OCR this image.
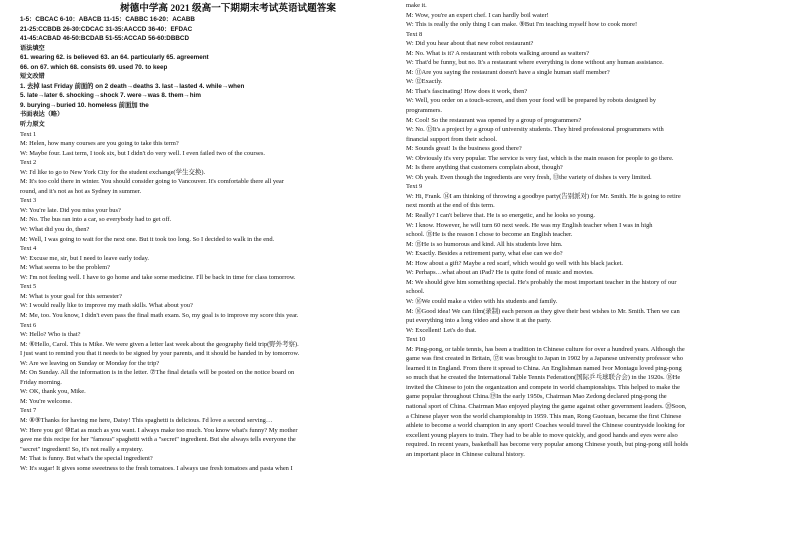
树德中学高 2021 级高一下期期末考试英语试题答案
1-5：CBCAC 6-10：ABACB 11-15：CABBC 16-20：ACABB
21-25:CCBDB 26-30:CDCAC 31-35:AACCD 36-40：EFDAC
41-45:ACBAD 46-50:BCDAB 51-55:ACCAD 56-60:DBBCD
语法填空
61. wearing 62. is believed 63. an 64. particularly 65. agreement
66. on 67. which 68. consists 69. used 70. to keep
短文改错
1. 去掉 last Friday 前面的 on 2 death→deaths 3. last→lasted 4. while→when
5. late→later 6. shocking→shock 7. were→was 8. them→him
9. burying→buried 10. homeless 前面加 the
书面表达（略）
听力原文
Text 1
M: Helen, how many courses are you going to take this term?
W: Maybe four. Last term, I took six, but I didn't do very well. I even failed two of the courses.
Text 2
W: I'd like to go to New York City for the student exchange(学生交换).
M: It's too cold there in winter. You should consider going to Vancouver. It's comfortable there all year
round, and it's not as hot as Sydney in summer.
Text 3
W: You're late. Did you miss your bus?
M: No. The bus ran into a car, so everybody had to get off.
W: What did you do, then?
M: Well, I was going to wait for the next one. But it took too long. So I decided to walk in the end.
Text 4
W: Excuse me, sir, but I need to leave early today.
M: What seems to be the problem?
W: I'm not feeling well. I have to go home and take some medicine. I'll be back in time for class tomorrow.
Text 5
M: What is your goal for this semester?
W: I would really like to improve my math skills. What about you?
M: Me, too. You know, I didn't even pass the final math exam. So, my goal is to improve my score this year.
Text 6
W: Hello? Who is that?
M: ⑥Hello, Carol. This is Mike. We were given a letter last week about the geography field trip(野外考察).
I just want to remind you that it needs to be signed by your parents, and it should be handed in by tomorrow.
W: Are we leaving on Sunday or Monday for the trip?
M: On Sunday. All the information is in the letter. ⑦The final details will be posted on the notice board on
Friday morning.
W: OK, thank you, Mike.
M: You're welcome.
Text 7
M: ⑧⑨Thanks for having me here, Daisy! This spaghetti is delicious. I'd love a second serving…
W: Here you go! ⑩Eat as much as you want. I always make too much. You know what's funny? My mother
gave me this recipe for her "famous" spaghetti with a "secret" ingredient. But she always tells everyone the
"secret" ingredient! So, it's not really a mystery.
M: That is funny. But what's the special ingredient?
W: It's sugar! It gives some sweetness to the fresh tomatoes. I always use fresh tomatoes and pasta when I
make it.
M: Wow, you're an expert chef. I can hardly boil water!
W: This is really the only thing I can make. ⑨But I'm teaching myself how to cook more!
Text 8
W: Did you hear about that new robot restaurant?
M: No. What is it? A restaurant with robots walking around as waiters?
W: That'd be funny, but no. It's a restaurant where everything is done without any human assistance.
M: ⑪Are you saying the restaurant doesn't have a single human staff member?
W: ⑫Exactly.
M: That's fascinating! How does it work, then?
W: Well, you order on a touch-screen, and then your food will be prepared by robots designed by
programmers.
M: Cool! So the restaurant was opened by a group of programmers?
W: No. ⑬It's a project by a group of university students. They hired professional programmers with
financial support from their school.
M: Sounds great! Is the business good there?
W: Obviously it's very popular. The service is very fast, which is the main reason for people to go there.
M: Is there anything that customers complain about, though?
W: Oh yeah. Even though the ingredients are very fresh, ⑬the variety of dishes is very limited.
Text 9
W: Hi, Frank. ⑭I am thinking of throwing a goodbye party(告别派对) for Mr. Smith. He is going to retire
next month at the end of this term.
M: Really? I can't believe that. He is so energetic, and he looks so young.
W: I know. However, he will turn 60 next week. He was my English teacher when I was in high
school. ⑮He is the reason I chose to become an English teacher.
M: ⑮He is so humorous and kind. All his students love him.
W: Exactly. Besides a retirement party, what else can we do?
M: How about a gift? Maybe a red scarf, which would go well with his black jacket.
W: Perhaps…what about an iPad? He is quite fond of music and movies.
M: We should give him something special. He's probably the most important teacher in the history of our
school.
W: ⑯We could make a video with his students and family.
M: ⑯Good idea! We can film(录制) each person as they give their best wishes to Mr. Smith. Then we can
put everything into a long video and show it at the party.
W: Excellent! Let's do that.
Text 10
M: Ping-pong, or table tennis, has been a tradition in Chinese culture for over a hundred years. Although the
game was first created in Britain, ⑰it was brought to Japan in 1902 by a Japanese university professor who
learned it in England. From there it spread to China. An Englishman named Ivor Montagu loved ping-pong
so much that he created the International Table Tennis Federation(国际乒乓球联合会) in the 1920s. ⑱He
invited the Chinese to join the organization and compete in world championships. This helped to make the
game popular throughout China.⑲In the early 1950s, Chairman Mao Zedong declared ping-pong the
national sport of China. Chairman Mao enjoyed playing the game against other government leaders. ⑳Soon,
a Chinese player won the world championship in 1959. This man, Rong Guotuan, became the first Chinese
athlete to become a world champion in any sport! Coaches would travel the Chinese countryside looking for
excellent young players to train. They had to be able to move quickly, and good hands and eyes were also
required. In recent years, basketball has become very popular among Chinese youth, but ping-pong still holds
an important place in Chinese cultural history.
